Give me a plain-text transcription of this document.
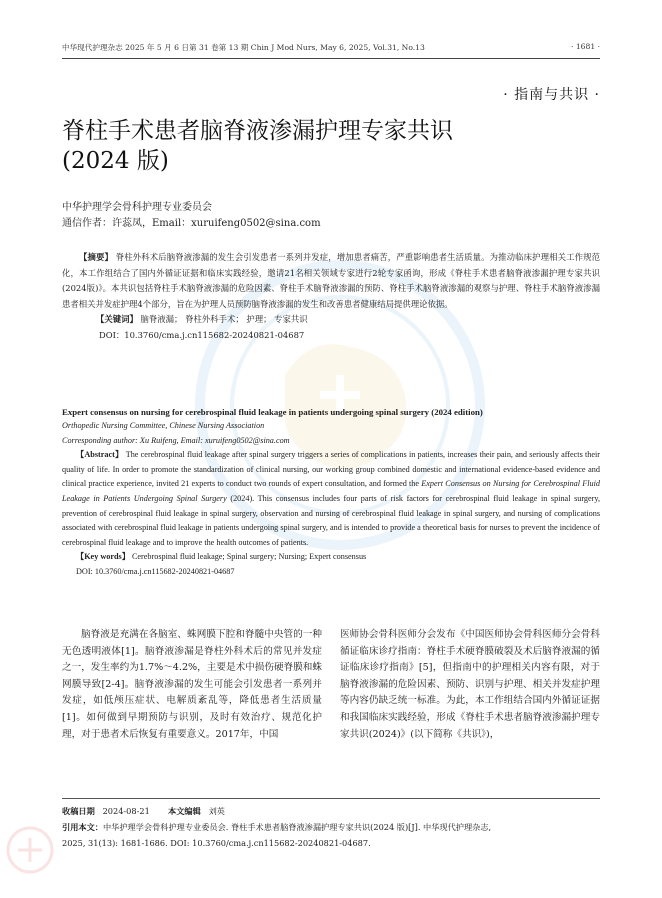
中华现代护理杂志 2025 年 5 月 6 日第 31 卷第 13 期 Chin J Mod Nurs, May 6, 2025, Vol.31, No.13	· 1681 ·
· 指南与共识 ·
脊柱手术患者脑脊液渗漏护理专家共识
(2024 版)
中华护理学会骨科护理专业委员会
通信作者：许蕊凤，Email：xuruifeng0502@sina.com

【摘要】 脊柱外科术后脑脊液渗漏的发生会引发患者一系列并发症，增加患者痛苦，严重影响患者生活质量。为推动临床护理相关工作规范化，本工作组结合了国内外循证证据和临床实践经验，邀请21名相关领域专家进行2轮专家函询，形成《脊柱手术患者脑脊液渗漏护理专家共识(2024版)》。本共识包括脊柱手术脑脊液渗漏的危险因素、脊柱手术脑脊液渗漏的预防、脊柱手术脑脊液渗漏的观察与护理、脊柱手术脑脊液渗漏患者相关并发症护理4个部分，旨在为护理人员预防脑脊液渗漏的发生和改善患者健康结局提供理论依据。

【关键词】 脑脊液漏； 脊柱外科手术； 护理； 专家共识

DOI：10.3760/cma.j.cn115682-20240821-04687

Expert consensus on nursing for cerebrospinal fluid leakage in patients undergoing spinal surgery (2024 edition)

Orthopedic Nursing Committee, Chinese Nursing Association

Corresponding author: Xu Ruifeng, Email: xuruifeng0502@sina.com

【Abstract】 The cerebrospinal fluid leakage after spinal surgery triggers a series of complications in patients, increases their pain, and seriously affects their quality of life. In order to promote the standardization of clinical nursing, our working group combined domestic and international evidence-based evidence and clinical practice experience, invited 21 experts to conduct two rounds of expert consultation, and formed the Expert Consensus on Nursing for Cerebrospinal Fluid Leakage in Patients Undergoing Spinal Surgery (2024). This consensus includes four parts of risk factors for cerebrospinal fluid leakage in spinal surgery, prevention of cerebrospinal fluid leakage in spinal surgery, observation and nursing of cerebrospinal fluid leakage in spinal surgery, and nursing of complications associated with cerebrospinal fluid leakage in patients undergoing spinal surgery, and is intended to provide a theoretical basis for nurses to prevent the incidence of cerebrospinal fluid leakage and to improve the health outcomes of patients.

【Key words】 Cerebrospinal fluid leakage; Spinal surgery; Nursing; Expert consensus

DOI: 10.3760/cma.j.cn115682-20240821-04687

脑脊液是充满在各脑室、蛛网膜下腔和脊髓中央管的一种无色透明液体[1]。脑脊液渗漏是脊柱外科术后的常见并发症之一，发生率约为1.7%～4.2%，主要是术中损伤硬脊膜和蛛网膜导致[2-4]。脑脊液渗漏的发生可能会引发患者一系列并发症，如低颅压症状、电解质紊乱等，降低患者生活质量[1]。如何做到早期预防与识别，及时有效治疗、规范化护理，对于患者术后恢复有重要意义。2017年，中国
医师协会骨科医师分会发布《中国医师协会骨科医师分会骨科循证临床诊疗指南：脊柱手术硬脊膜破裂及术后脑脊液漏的循证临床诊疗指南》[5]，但指南中的护理相关内容有限，对于脑脊液渗漏的危险因素、预防、识别与护理、相关并发症护理等内容仍缺乏统一标准。为此，本工作组结合国内外循证证据和我国临床实践经验，形成《脊柱手术患者脑脊液渗漏护理专家共识(2024)》(以下简称《共识》)，
收稿日期 2024-08-21 本文编辑 刘英
引用本文：中华护理学会骨科护理专业委员会. 脊柱手术患者脑脊液渗漏护理专家共识(2024 版)[J]. 中华现代护理杂志,
2025, 31(13): 1681-1686. DOI: 10.3760/cma.j.cn115682-20240821-04687.
